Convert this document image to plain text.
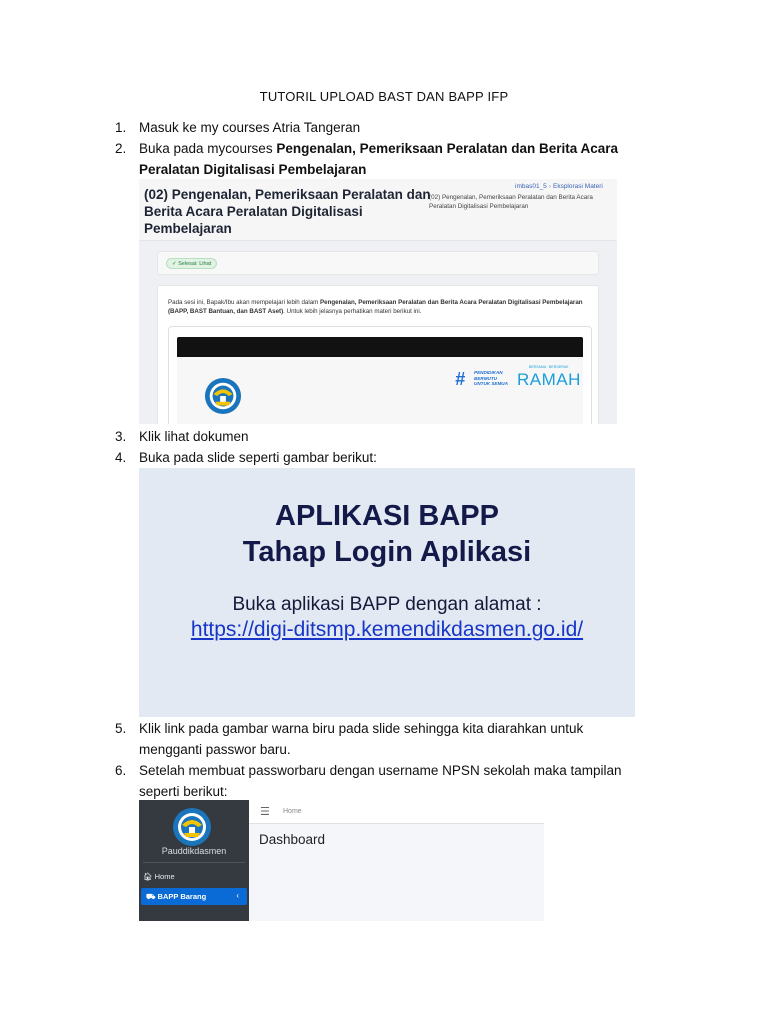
TUTORIL UPLOAD BAST DAN BAPP IFP
1. Masuk ke my courses Atria Tangeran
2. Buka pada mycourses Pengenalan, Pemeriksaan Peralatan dan Berita Acara Peralatan Digitalisasi Pembelajaran
(02) Pengenalan, Pemeriksaan Peralatan dan Berita Acara Peralatan Digitalisasi Pembelajaran
imbas01_5 › Eksplorasi Materi
(02) Pengenalan, Pemeriksaan Peralatan dan Berita Acara Peralatan Digitalisasi Pembelajaran
✓ Selesai: Lihat
Pada sesi ini, Bapak/Ibu akan mempelajari lebih dalam Pengenalan, Pemeriksaan Peralatan dan Berita Acara Peralatan Digitalisasi Pembelajaran (BAPP, BAST Bantuan, dan BAST Aset). Untuk lebih jelasnya perhatikan materi berikut ini.
# PENDIDIKAN BERMUTU UNTUK SEMUA
BERSAMA · BERGERAK
RAMAH
3. Klik lihat dokumen
4. Buka pada slide seperti gambar berikut:
APLIKASI BAPP
Tahap Login Aplikasi
Buka aplikasi BAPP dengan alamat :
https://digi-ditsmp.kemendikdasmen.go.id/
5. Klik link pada gambar warna biru pada slide sehingga kita diarahkan untuk mengganti passwor baru.
6. Setelah membuat passworbaru dengan username NPSN sekolah maka tampilan seperti berikut:
Pauddikdasmen
🏠︎ Home
⛟ BAPP Barang	‹
☰ Home
Dashboard
